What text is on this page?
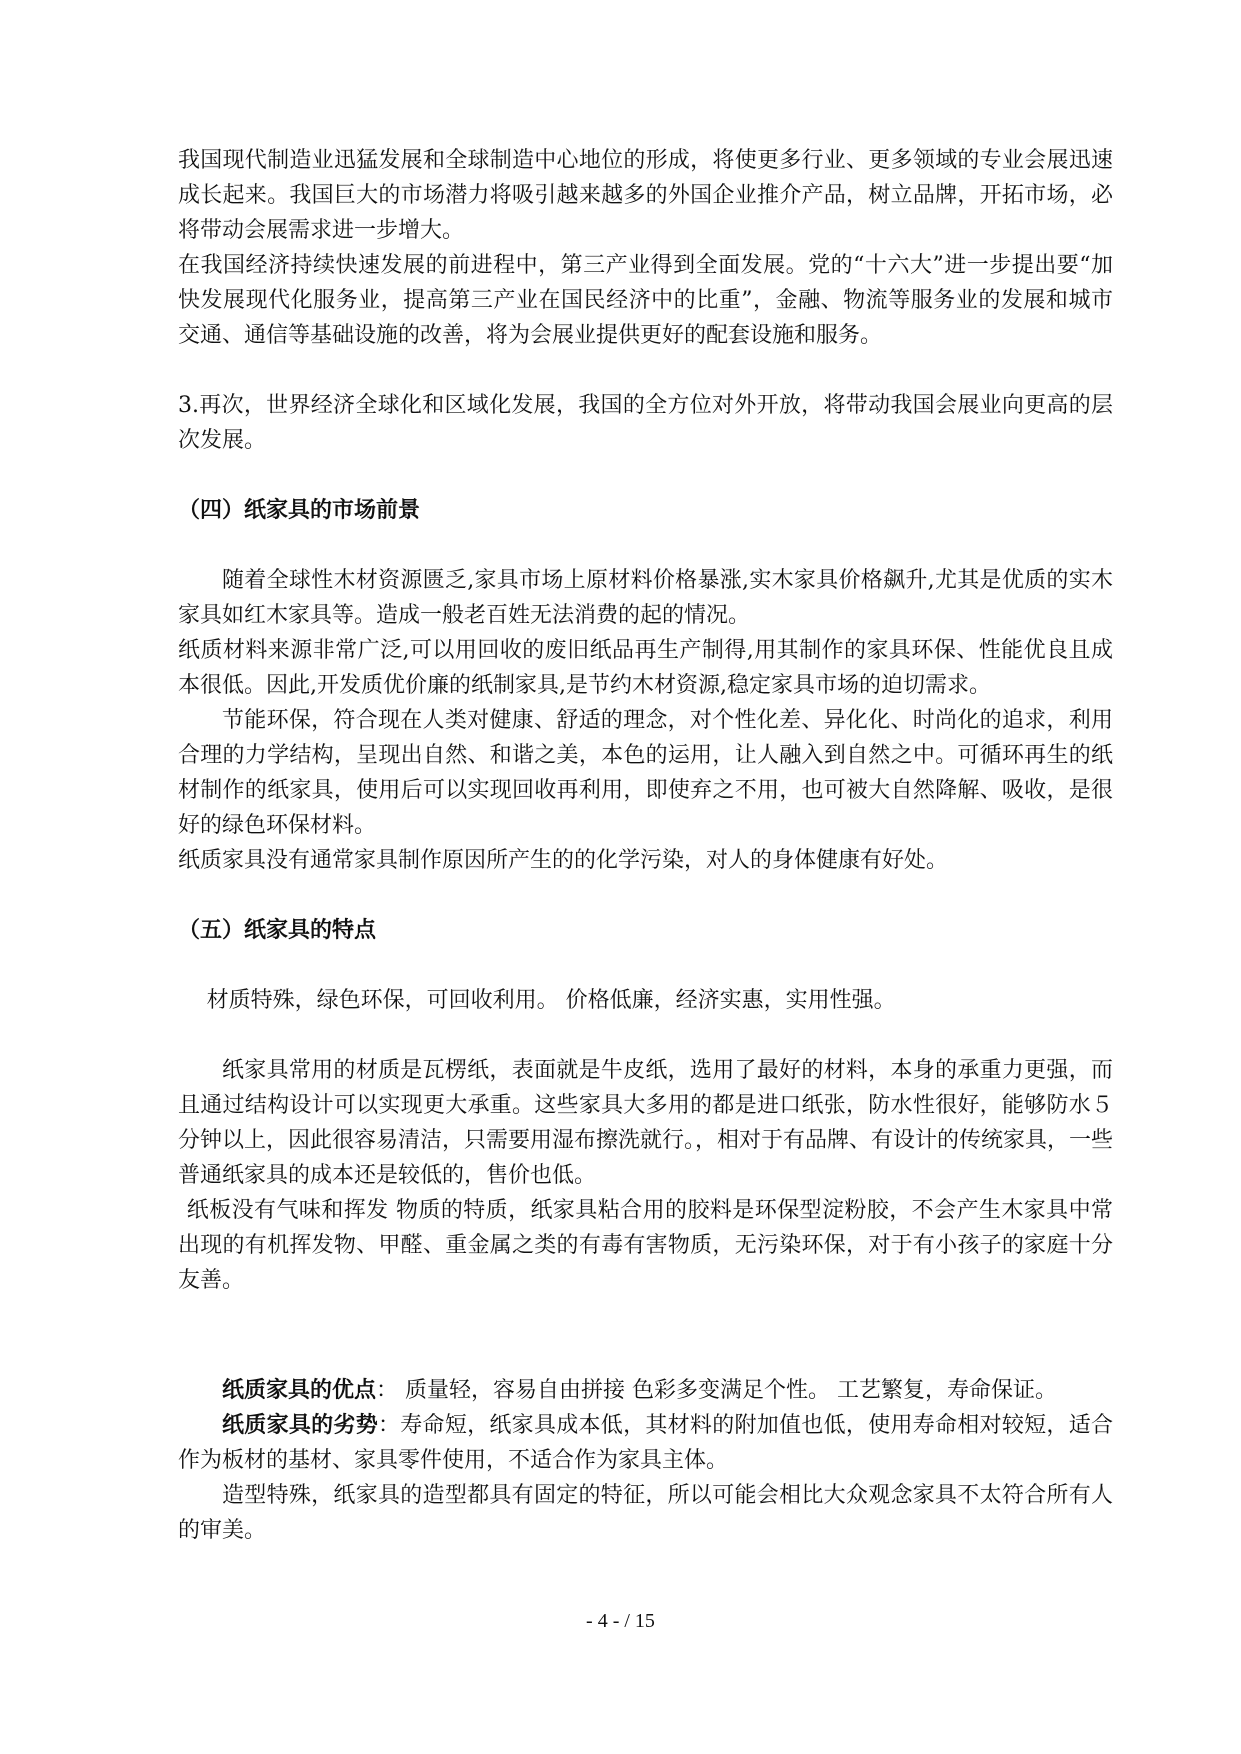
我国现代制造业迅猛发展和全球制造中心地位的形成，将使更多行业、更多领域的专业会展迅速成长起来。我国巨大的市场潜力将吸引越来越多的外国企业推介产品，树立品牌，开拓市场，必将带动会展需求进一步增大。

在我国经济持续快速发展的前进程中，第三产业得到全面发展。党的“十六大”进一步提出要“加快发展现代化服务业，提高第三产业在国民经济中的比重”，金融、物流等服务业的发展和城市交通、通信等基础设施的改善，将为会展业提供更好的配套设施和服务。

3.再次，世界经济全球化和区域化发展，我国的全方位对外开放，将带动我国会展业向更高的层次发展。

（四）纸家具的市场前景

随着全球性木材资源匮乏,家具市场上原材料价格暴涨,实木家具价格飙升,尤其是优质的实木家具如红木家具等。造成一般老百姓无法消费的起的情况。

纸质材料来源非常广泛,可以用回收的废旧纸品再生产制得,用其制作的家具环保、性能优良且成本很低。因此,开发质优价廉的纸制家具,是节约木材资源,稳定家具市场的迫切需求。

节能环保，符合现在人类对健康、舒适的理念，对个性化差、异化化、时尚化的追求，利用合理的力学结构，呈现出自然、和谐之美，本色的运用，让人融入到自然之中。可循环再生的纸材制作的纸家具，使用后可以实现回收再利用，即使弃之不用，也可被大自然降解、吸收，是很好的绿色环保材料。

纸质家具没有通常家具制作原因所产生的的化学污染，对人的身体健康有好处。

（五）纸家具的特点

材质特殊，绿色环保，可回收利用。 价格低廉，经济实惠，实用性强。

纸家具常用的材质是瓦楞纸，表面就是牛皮纸，选用了最好的材料，本身的承重力更强，而且通过结构设计可以实现更大承重。这些家具大多用的都是进口纸张，防水性很好，能够防水５分钟以上，因此很容易清洁，只需要用湿布擦洗就行。，相对于有品牌、有设计的传统家具，一些普通纸家具的成本还是较低的，售价也低。

纸板没有气味和挥发 物质的特质，纸家具粘合用的胶料是环保型淀粉胶，不会产生木家具中常出现的有机挥发物、甲醛、重金属之类的有毒有害物质，无污染环保，对于有小孩子的家庭十分友善。

纸质家具的优点： 质量轻，容易自由拼接 色彩多变满足个性。 工艺繁复，寿命保证。

纸质家具的劣势：寿命短，纸家具成本低，其材料的附加值也低，使用寿命相对较短，适合作为板材的基材、家具零件使用，不适合作为家具主体。

造型特殊，纸家具的造型都具有固定的特征，所以可能会相比大众观念家具不太符合所有人的审美。

- 4 - / 15
